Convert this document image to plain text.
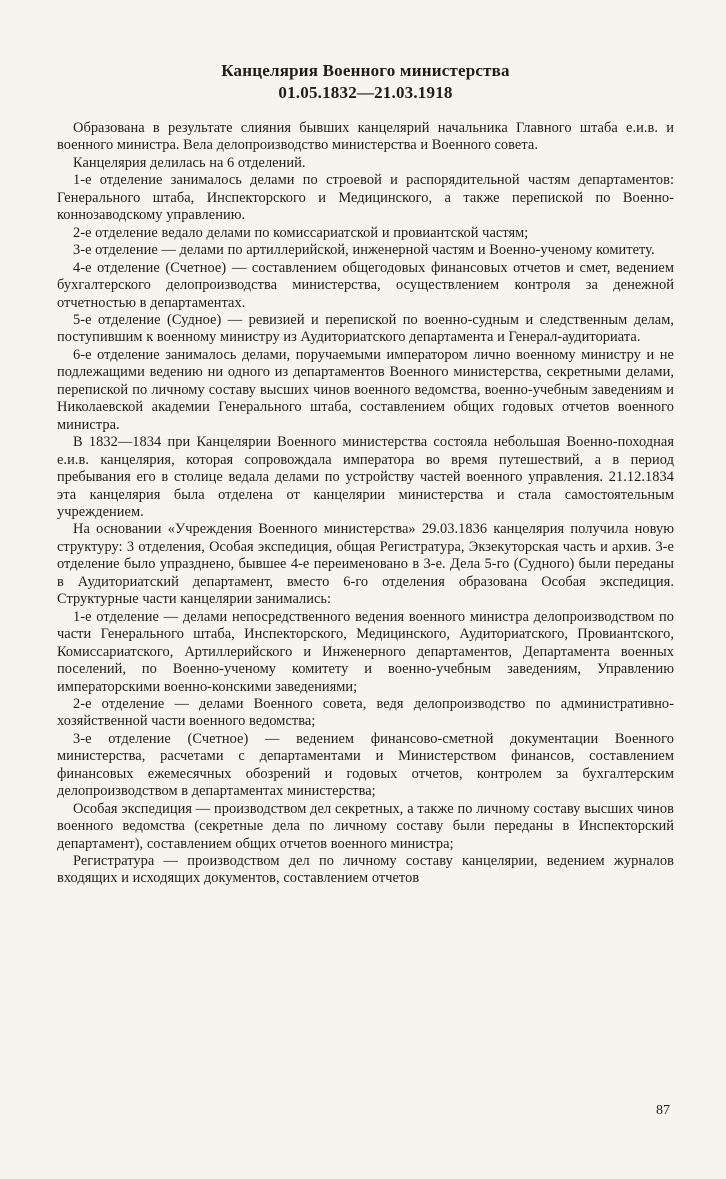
Канцелярия Военного министерства
01.05.1832—21.03.1918

Образована в результате слияния бывших канцелярий начальника Главного штаба е.и.в. и военного министра. Вела делопроизводство министерства и Военного совета.

Канцелярия делилась на 6 отделений.

1-е отделение занималось делами по строевой и распорядительной частям департаментов: Генерального штаба, Инспекторского и Медицинского, а также перепиской по Военно-коннозаводскому управлению.

2-е отделение ведало делами по комиссариатской и провиантской частям;

3-е отделение — делами по артиллерийской, инженерной частям и Военно-ученому комитету.

4-е отделение (Счетное) — составлением общегодовых финансовых отчетов и смет, ведением бухгалтерского делопроизводства министерства, осуществлением контроля за денежной отчетностью в департаментах.

5-е отделение (Судное) — ревизией и перепиской по военно-судным и следственным делам, поступившим к военному министру из Аудиториатского департамента и Генерал-аудиториата.

6-е отделение занималось делами, поручаемыми императором лично военному министру и не подлежащими ведению ни одного из департаментов Военного министерства, секретными делами, перепиской по личному составу высших чинов военного ведомства, военно-учебным заведениям и Николаевской академии Генерального штаба, составлением общих годовых отчетов военного министра.

В 1832—1834 при Канцелярии Военного министерства состояла небольшая Военно-походная е.и.в. канцелярия, которая сопровождала императора во время путешествий, а в период пребывания его в столице ведала делами по устройству частей военного управления. 21.12.1834 эта канцелярия была отделена от канцелярии министерства и стала самостоятельным учреждением.

На основании «Учреждения Военного министерства» 29.03.1836 канцелярия получила новую структуру: 3 отделения, Особая экспедиция, общая Регистратура, Экзекуторская часть и архив. 3-е отделение было упразднено, бывшее 4-е переименовано в 3-е. Дела 5-го (Судного) были переданы в Аудиториатский департамент, вместо 6-го отделения образована Особая экспедиция. Структурные части канцелярии занимались:

1-е отделение — делами непосредственного ведения военного министра делопроизводством по части Генерального штаба, Инспекторского, Медицинского, Аудиториатского, Провиантского, Комиссариатского, Артиллерийского и Инженерного департаментов, Департамента военных поселений, по Военно-ученому комитету и военно-учебным заведениям, Управлению императорскими военно-конскими заведениями;

2-е отделение — делами Военного совета, ведя делопроизводство по административно-хозяйственной части военного ведомства;

3-е отделение (Счетное) — ведением финансово-сметной документации Военного министерства, расчетами с департаментами и Министерством финансов, составлением финансовых ежемесячных обозрений и годовых отчетов, контролем за бухгалтерским делопроизводством в департаментах министерства;

Особая экспедиция — производством дел секретных, а также по личному составу высших чинов военного ведомства (секретные дела по личному составу были переданы в Инспекторский департамент), составлением общих отчетов военного министра;

Регистратура — производством дел по личному составу канцелярии, ведением журналов входящих и исходящих документов, составлением отчетов

87
